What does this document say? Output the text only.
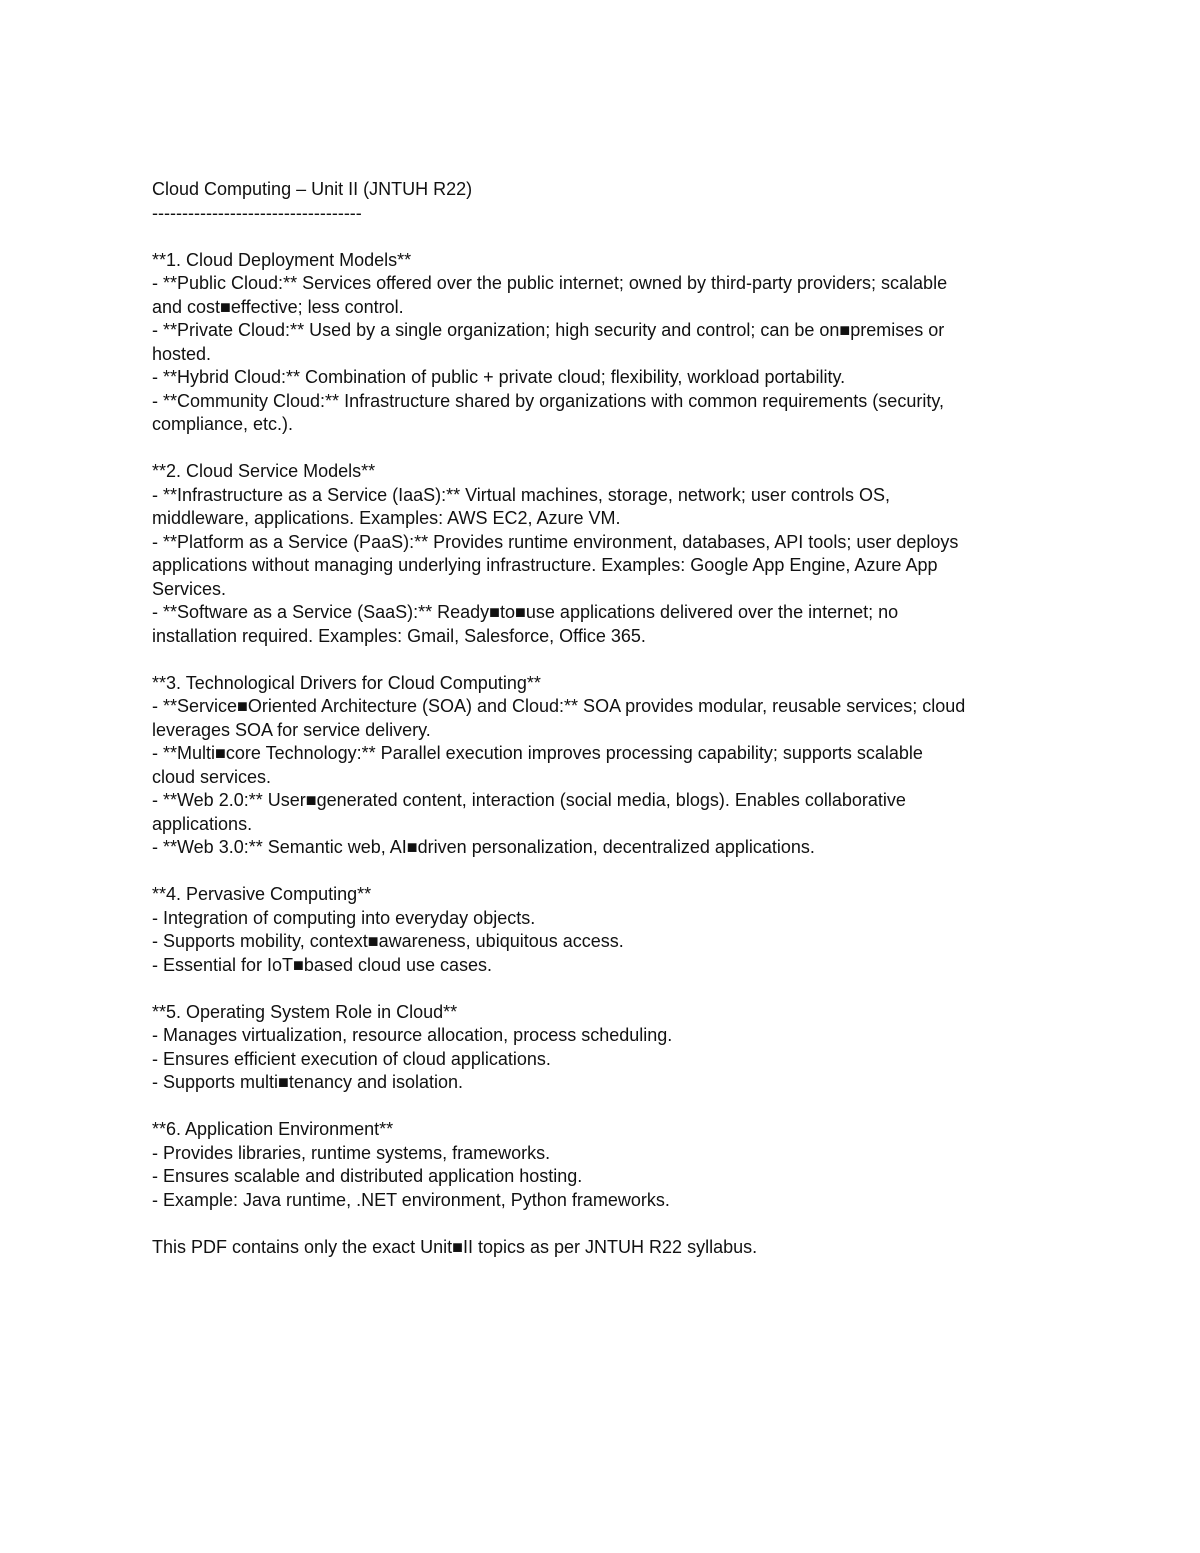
Cloud Computing – Unit II (JNTUH R22)
-----------------------------------
**1. Cloud Deployment Models**
- **Public Cloud:** Services offered over the public internet; owned by third-party providers; scalable
and cost■effective; less control.
- **Private Cloud:** Used by a single organization; high security and control; can be on■premises or
hosted.
- **Hybrid Cloud:** Combination of public + private cloud; flexibility, workload portability.
- **Community Cloud:** Infrastructure shared by organizations with common requirements (security,
compliance, etc.).
**2. Cloud Service Models**
- **Infrastructure as a Service (IaaS):** Virtual machines, storage, network; user controls OS,
middleware, applications. Examples: AWS EC2, Azure VM.
- **Platform as a Service (PaaS):** Provides runtime environment, databases, API tools; user deploys
applications without managing underlying infrastructure. Examples: Google App Engine, Azure App
Services.
- **Software as a Service (SaaS):** Ready■to■use applications delivered over the internet; no
installation required. Examples: Gmail, Salesforce, Office 365.
**3. Technological Drivers for Cloud Computing**
- **Service■Oriented Architecture (SOA) and Cloud:** SOA provides modular, reusable services; cloud
leverages SOA for service delivery.
- **Multi■core Technology:** Parallel execution improves processing capability; supports scalable
cloud services.
- **Web 2.0:** User■generated content, interaction (social media, blogs). Enables collaborative
applications.
- **Web 3.0:** Semantic web, AI■driven personalization, decentralized applications.
**4. Pervasive Computing**
- Integration of computing into everyday objects.
- Supports mobility, context■awareness, ubiquitous access.
- Essential for IoT■based cloud use cases.
**5. Operating System Role in Cloud**
- Manages virtualization, resource allocation, process scheduling.
- Ensures efficient execution of cloud applications.
- Supports multi■tenancy and isolation.
**6. Application Environment**
- Provides libraries, runtime systems, frameworks.
- Ensures scalable and distributed application hosting.
- Example: Java runtime, .NET environment, Python frameworks.
This PDF contains only the exact Unit■II topics as per JNTUH R22 syllabus.
